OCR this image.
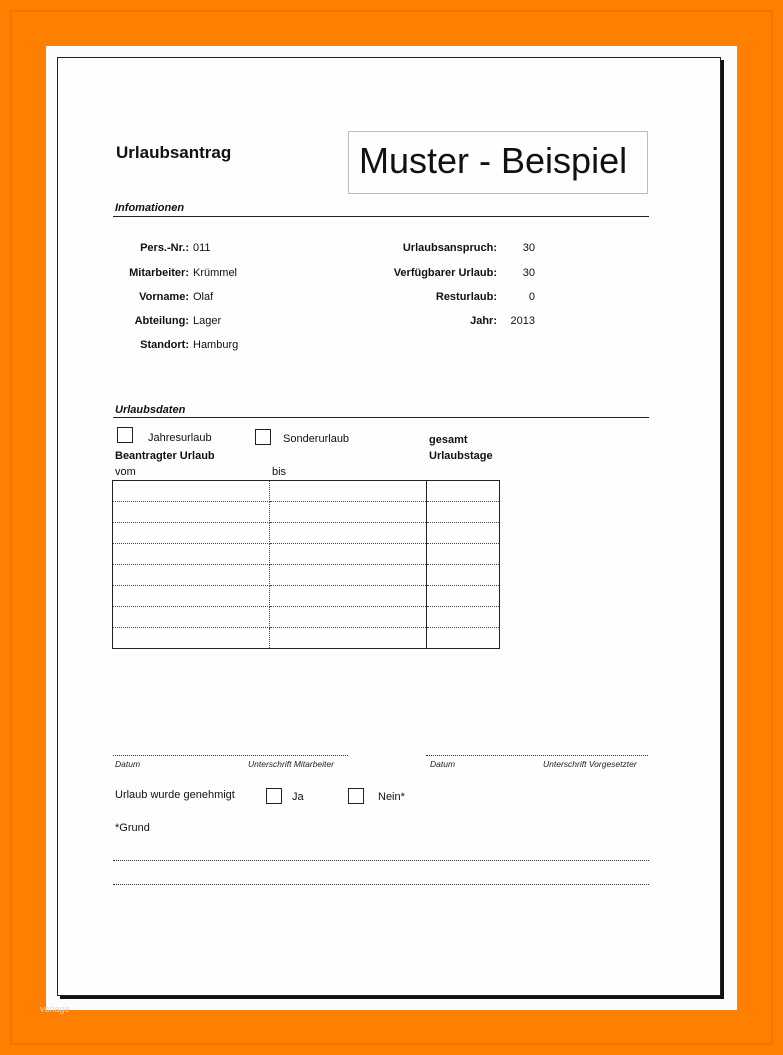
Urlaubsantrag	Muster - Beispiel
Infomationen
Pers.-Nr.: 011
Mitarbeiter: Krümmel
Vorname: Olaf
Abteilung: Lager
Standort: Hamburg
Urlaubsanspruch:	30
Verfügbarer Urlaub:	30
Resturlaub:	0
Jahr:	2013
Urlaubsdaten
Jahresurlaub	Sonderurlaub	gesamt
Urlaubstage
Beantragter Urlaub
vom	bis

Datum	Unterschrift Mitarbeiter	Datum	Unterschrift Vorgesetzter
Urlaub wurde genehmigt	Ja	Nein*
*Grund
vorlage
